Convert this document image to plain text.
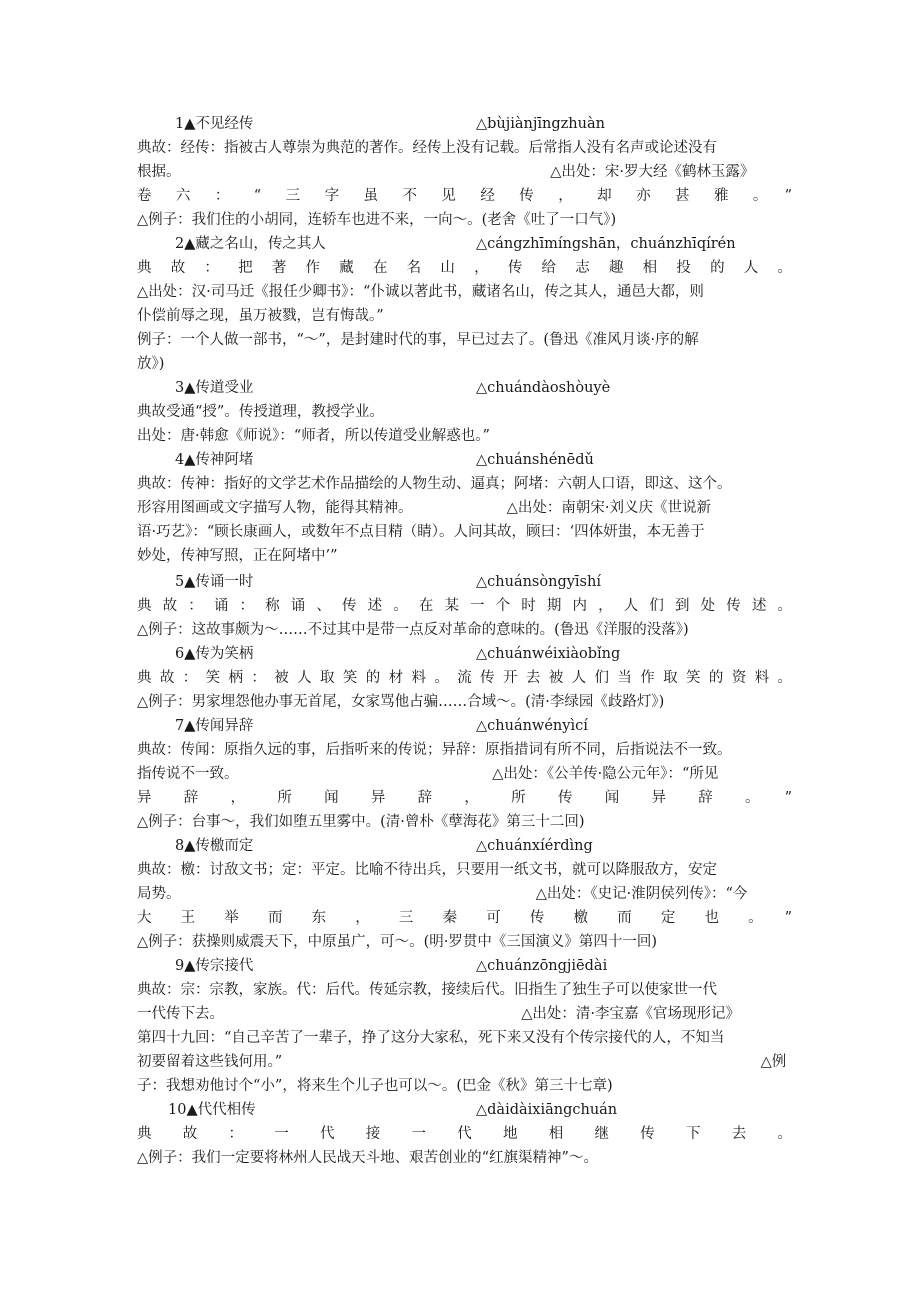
1▲不见经传	△bùjiànjīngzhuàn
典故：经传：指被古人尊崇为典范的著作。经传上没有记载。后常指人没有名声或论述没有
根据。　　　　　　　　　　　　　　　　　　　　　　　　　　△出处：宋·罗大经《鹤林玉露》
卷六：“三字虽不见经传，却亦甚雅。”
△例子：我们住的小胡同，连轿车也进不来，一向～。(老舍《吐了一口气》)
2▲藏之名山，传之其人	△cángzhīmíngshān，chuánzhīqírén
典故：把著作藏在名山，传给志趣相投的人。
△出处：汉·司马迁《报任少卿书》：“仆诚以著此书，藏诸名山，传之其人，通邑大都，则
仆偿前辱之现，虽万被戮，岂有悔哉。”
例子：一个人做一部书，“～”，是封建时代的事，早已过去了。(鲁迅《准风月谈·序的解
放》)
3▲传道受业	△chuándàoshòuyè
典故受通“授”。传授道理，教授学业。
出处：唐·韩愈《师说》：“师者，所以传道受业解惑也。”
4▲传神阿堵	△chuánshénēdǔ
典故：传神：指好的文学艺术作品描绘的人物生动、逼真；阿堵：六朝人口语，即这、这个。
形容用图画或文字描写人物，能得其精神。　　　　　　　△出处：南朝宋·刘义庆《世说新
语·巧艺》：“顾长康画人，或数年不点目精（睛）。人问其故，顾曰：‘四体妍蚩，本无善于
妙处，传神写照，正在阿堵中’”
5▲传诵一时	△chuánsòngyīshí
典故：诵：称诵、传述。在某一个时期内，人们到处传述。
△例子：这故事颇为～……不过其中是带一点反对革命的意味的。(鲁迅《洋服的没落》)
6▲传为笑柄	△chuánwéixiàobǐng
典故：笑柄：被人取笑的材料。流传开去被人们当作取笑的资料。
△例子：男家埋怨他办事无首尾，女家骂他占骗……合域～。(清·李绿园《歧路灯》)
7▲传闻异辞	△chuánwényìcí
典故：传闻：原指久远的事，后指听来的传说；异辞：原指措词有所不同，后指说法不一致。
指传说不一致。　　　　　　　　　　　　　　　　　　△出处：《公羊传·隐公元年》：“所见
异辞，所闻异辞，所传闻异辞。”
△例子：台事～，我们如堕五里雾中。(清·曾朴《孽海花》第三十二回)
8▲传檄而定	△chuánxíérdìng
典故：檄：讨敌文书；定：平定。比喻不待出兵，只要用一纸文书，就可以降服敌方，安定
局势。　　　　　　　　　　　　　　　　　　　　　　　　　△出处：《史记·淮阴侯列传》：“今
大王举而东，三秦可传檄而定也。”
△例子：获操则威震天下，中原虽广，可～。(明·罗贯中《三国演义》第四十一回)
9▲传宗接代	△chuánzōngjiēdài
典故：宗：宗教，家族。代：后代。传延宗教，接续后代。旧指生了独生子可以使家世一代
一代传下去。　　　　　　　　　　　　　　　　　　　　　△出处：清·李宝嘉《官场现形记》
第四十九回：“自己辛苦了一辈子，挣了这分大家私，死下来又没有个传宗接代的人，不知当
初要留着这些钱何用。”　　　　　　　　　　　　　　　　　　　　　　　　　　　　　　　　　△例
子：我想劝他讨个“小”，将来生个儿子也可以～。(巴金《秋》第三十七章)
10▲代代相传	△dàidàixiāngchuán
典故：一代接一代地相继传下去。
△例子：我们一定要将林州人民战天斗地、艰苦创业的“红旗渠精神”～。
